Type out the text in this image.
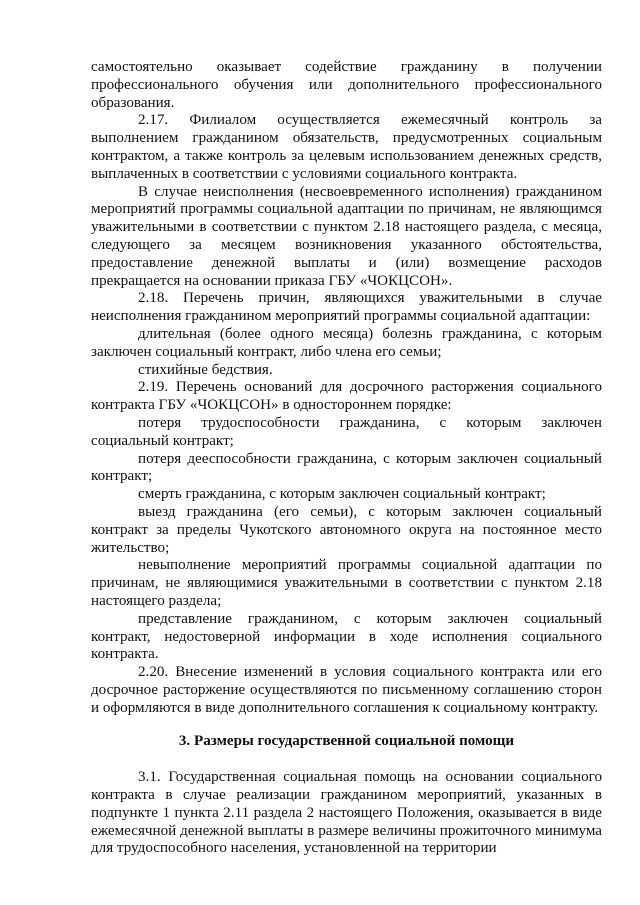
самостоятельно оказывает содействие гражданину в получении профессионального обучения или дополнительного профессионального образования.

2.17. Филиалом осуществляется ежемесячный контроль за выполнением гражданином обязательств, предусмотренных социальным контрактом, а также контроль за целевым использованием денежных средств, выплаченных в соответствии с условиями социального контракта.

В случае неисполнения (несвоевременного исполнения) гражданином мероприятий программы социальной адаптации по причинам, не являющимся уважительными в соответствии с пунктом 2.18 настоящего раздела, с месяца, следующего за месяцем возникновения указанного обстоятельства, предоставление денежной выплаты и (или) возмещение расходов прекращается на основании приказа ГБУ «ЧОКЦСОН».

2.18. Перечень причин, являющихся уважительными в случае неисполнения гражданином мероприятий программы социальной адаптации:

длительная (более одного месяца) болезнь гражданина, с которым заключен социальный контракт, либо члена его семьи;

стихийные бедствия.

2.19. Перечень оснований для досрочного расторжения социального контракта ГБУ «ЧОКЦСОН» в одностороннем порядке:

потеря трудоспособности гражданина, с которым заключен социальный контракт;

потеря дееспособности гражданина, с которым заключен социальный контракт;

смерть гражданина, с которым заключен социальный контракт;

выезд гражданина (его семьи), с которым заключен социальный контракт за пределы Чукотского автономного округа на постоянное место жительство;

невыполнение мероприятий программы социальной адаптации по причинам, не являющимися уважительными в соответствии с пунктом 2.18 настоящего раздела;

представление гражданином, с которым заключен социальный контракт, недостоверной информации в ходе исполнения социального контракта.

2.20. Внесение изменений в условия социального контракта или его досрочное расторжение осуществляются по письменному соглашению сторон и оформляются в виде дополнительного соглашения к социальному контракту.

3. Размеры государственной социальной помощи

3.1. Государственная социальная помощь на основании социального контракта в случае реализации гражданином мероприятий, указанных в подпункте 1 пункта 2.11 раздела 2 настоящего Положения, оказывается в виде ежемесячной денежной выплаты в размере величины прожиточного минимума для трудоспособного населения, установленной на территории
